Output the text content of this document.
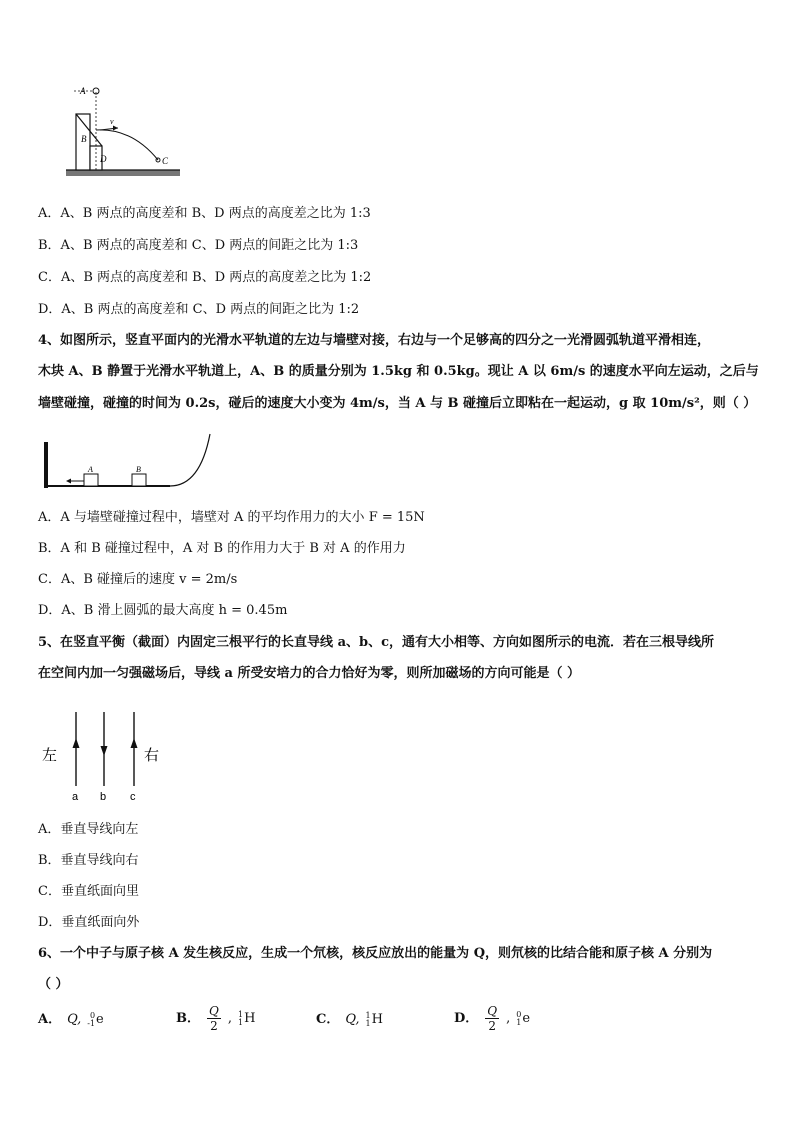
A
B
D	C
v
A．A、B 两点的高度差和 B、D 两点的高度差之比为 1:3
B．A、B 两点的高度差和 C、D 两点的间距之比为 1:3
C．A、B 两点的高度差和 B、D 两点的高度差之比为 1:2
D．A、B 两点的高度差和 C、D 两点的间距之比为 1:2
4、如图所示，竖直平面内的光滑水平轨道的左边与墙壁对接，右边与一个足够高的四分之一光滑圆弧轨道平滑相连，
木块 A、B 静置于光滑水平轨道上，A、B 的质量分别为 1.5kg 和 0.5kg。现让 A 以 6m/s 的速度水平向左运动，之后与
墙壁碰撞，碰撞的时间为 0.2s，碰后的速度大小变为 4m/s，当 A 与 B 碰撞后立即粘在一起运动，g 取 10m/s²，则（ ）
A	B
A．A 与墙壁碰撞过程中，墙壁对 A 的平均作用力的大小 F = 15N
B．A 和 B 碰撞过程中，A 对 B 的作用力大于 B 对 A 的作用力
C．A、B 碰撞后的速度 v = 2m/s
D．A、B 滑上圆弧的最大高度 h = 0.45m
5、在竖直平衡（截面）内固定三根平行的长直导线 a、b、c，通有大小相等、方向如图所示的电流．若在三根导线所
在空间内加一匀强磁场后，导线 a 所受安培力的合力恰好为零，则所加磁场的方向可能是（ ）
左	右
a b c
A．垂直导线向左
B．垂直导线向右
C．垂直纸面向里
D．垂直纸面向外
6、一个中子与原子核 A 发生核反应，生成一个氘核，核反应放出的能量为 Q，则氘核的比结合能和原子核 A 分别为
（ ）
A． Q,	0
-1 e	B． $\frac{Q}{2}$ , 1
1 H	C． Q, 1
1 H	D． $\frac{Q}{2}$ , 0
1 e
